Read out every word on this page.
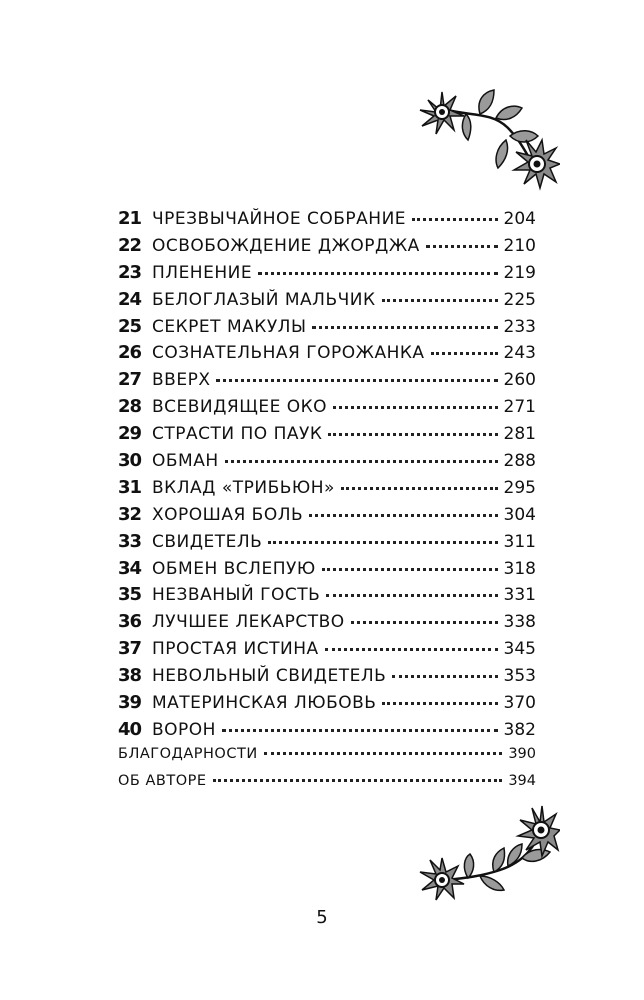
21 ЧРЕЗВЫЧАЙНОЕ СОБРАНИЕ	204
22 ОСВОБОЖДЕНИЕ ДЖОРДЖА	210
23 ПЛЕНЕНИЕ	219
24 БЕЛОГЛАЗЫЙ МАЛЬЧИК	225
25 СЕКРЕТ МАКУЛЫ	233
26 СОЗНАТЕЛЬНАЯ ГОРОЖАНКА	243
27 ВВЕРХ	260
28 ВСЕВИДЯЩЕЕ ОКО	271
29 СТРАСТИ ПО ПАУК	281
30 ОБМАН	288
31 ВКЛАД «ТРИБЬЮН»	295
32 ХОРОШАЯ БОЛЬ	304
33 СВИДЕТЕЛЬ	311
34 ОБМЕН ВСЛЕПУЮ	318
35 НЕЗВАНЫЙ ГОСТЬ	331
36 ЛУЧШЕЕ ЛЕКАРСТВО	338
37 ПРОСТАЯ ИСТИНА	345
38 НЕВОЛЬНЫЙ СВИДЕТЕЛЬ	353
39 МАТЕРИНСКАЯ ЛЮБОВЬ	370
40 ВОРОН	382
БЛАГОДАРНОСТИ	390
ОБ АВТОРЕ	394
5
